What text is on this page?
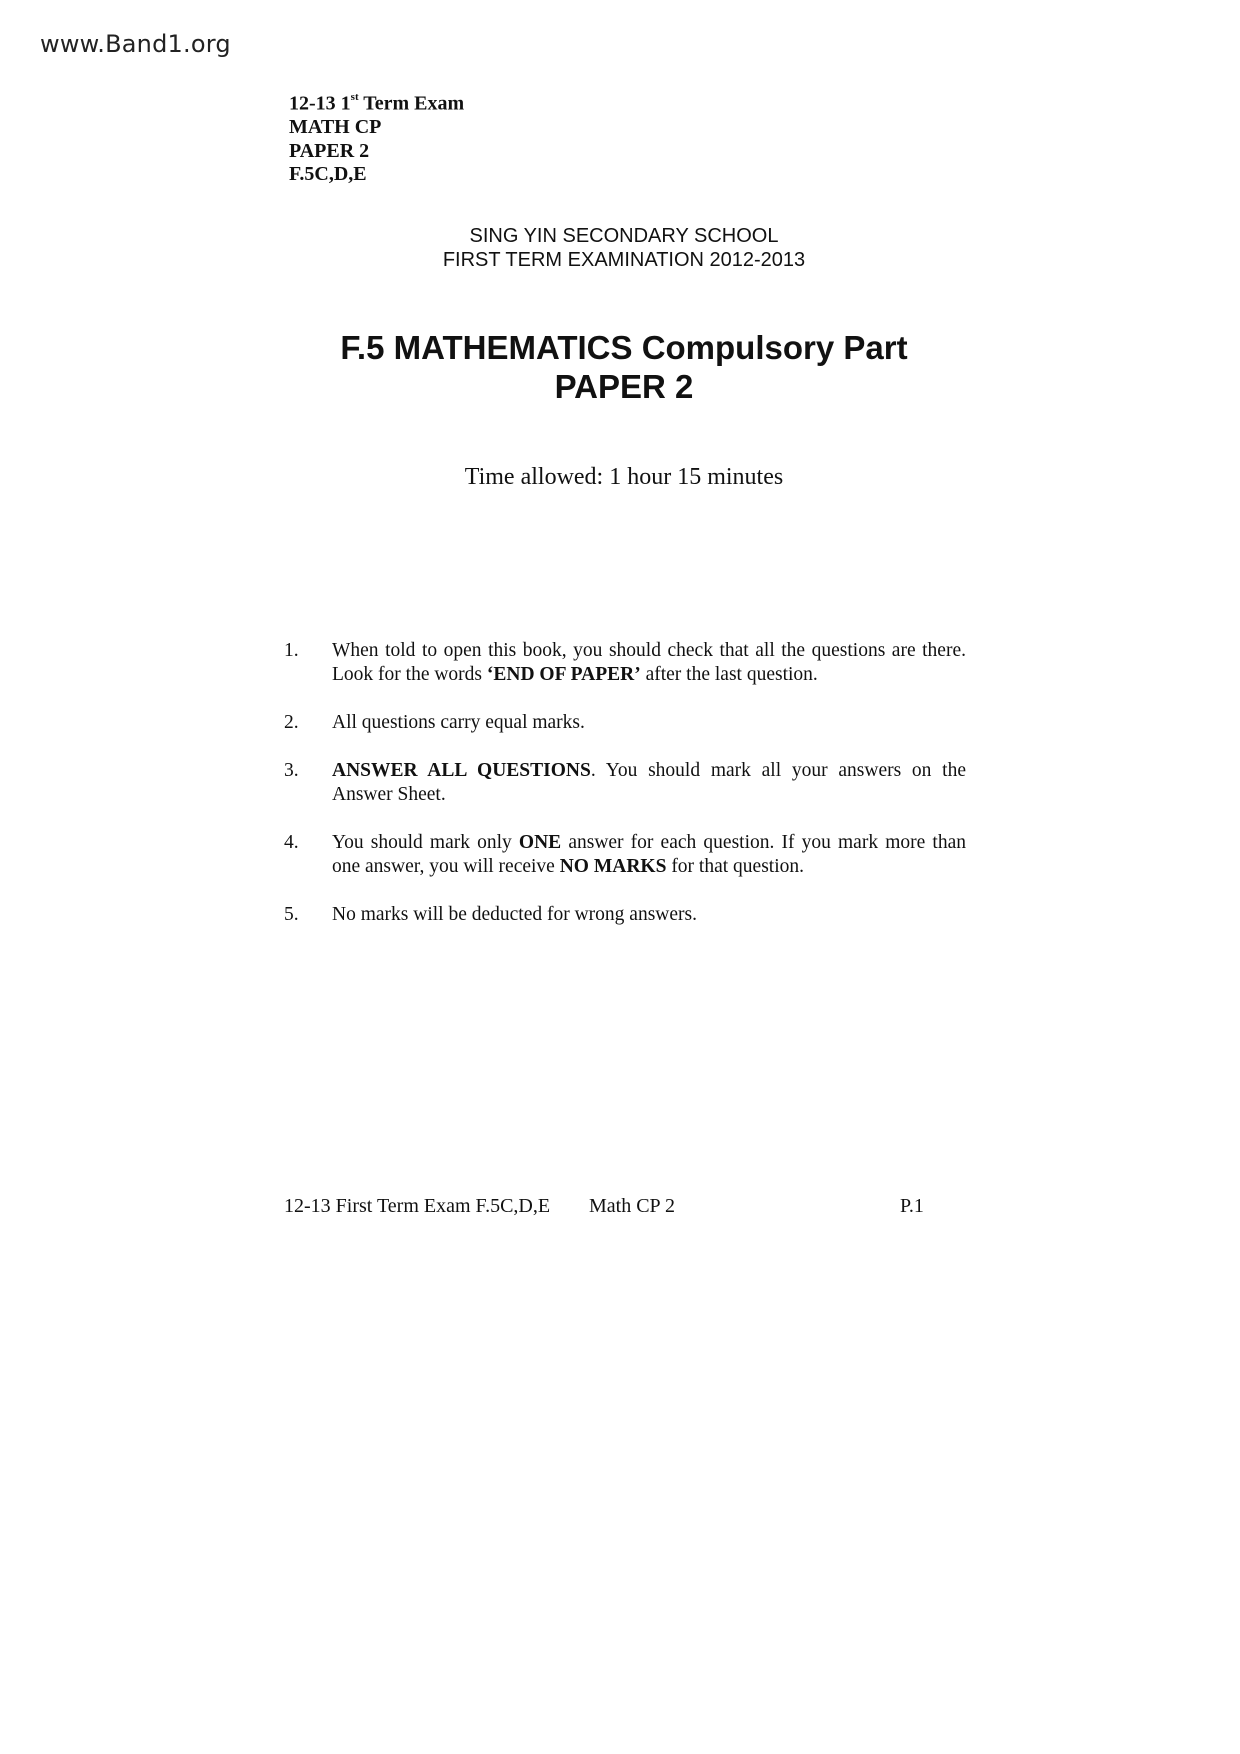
www.Band1.org
12-13 1st Term Exam
MATH CP
PAPER 2
F.5C,D,E
SING YIN SECONDARY SCHOOL
FIRST TERM EXAMINATION 2012-2013
F.5 MATHEMATICS Compulsory Part
PAPER 2
Time allowed: 1 hour 15 minutes
1.	When told to open this book, you should check that all the questions are there. Look for the words ‘END OF PAPER’ after the last question.
2.	All questions carry equal marks.
3.	ANSWER ALL QUESTIONS. You should mark all your answers on the Answer Sheet.
4.	You should mark only ONE answer for each question. If you mark more than one answer, you will receive NO MARKS for that question.
5.	No marks will be deducted for wrong answers.
12-13 First Term Exam F.5C,D,E Math CP 2	P.1
